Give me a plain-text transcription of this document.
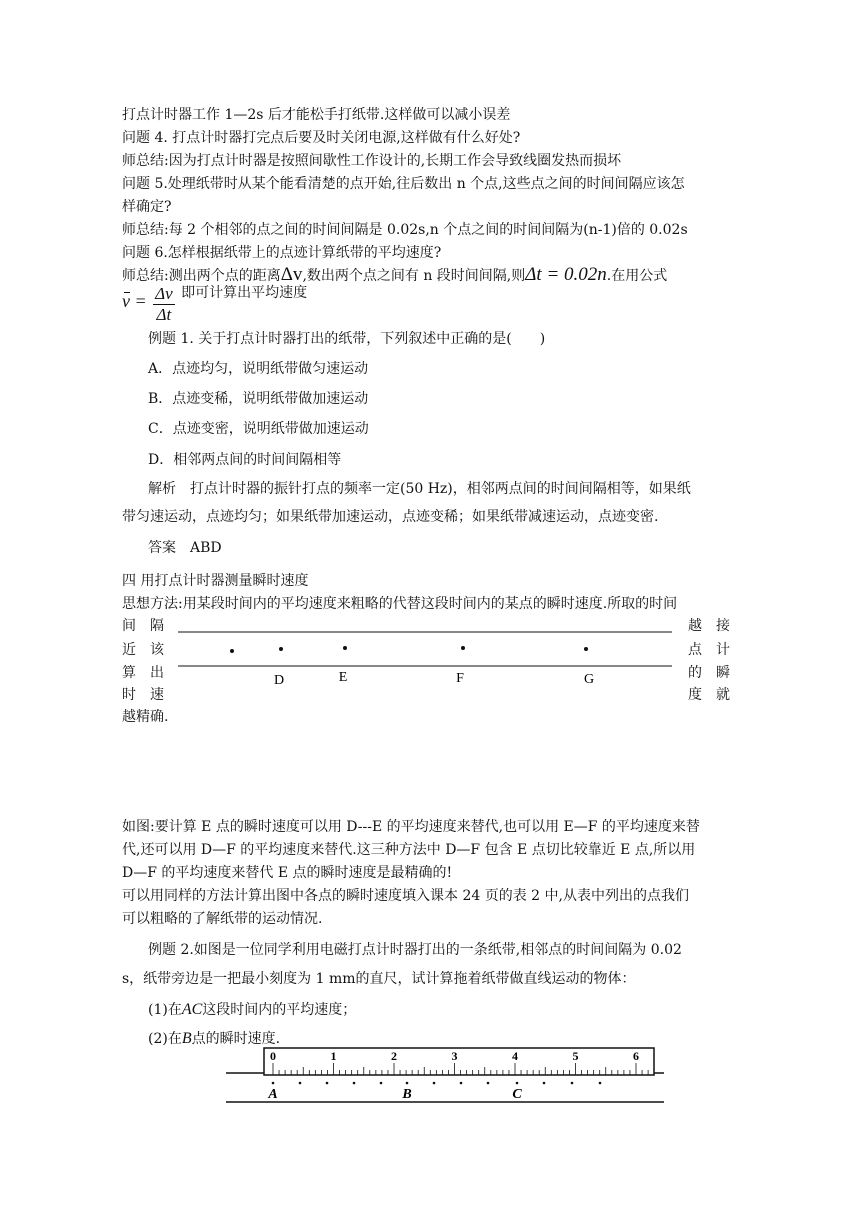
打点计时器工作 1—2s 后才能松手打纸带.这样做可以减小误差
问题 4. 打点计时器打完点后要及时关闭电源,这样做有什么好处?
师总结:因为打点计时器是按照间歇性工作设计的,长期工作会导致线圈发热而损坏
问题 5.处理纸带时从某个能看清楚的点开始,往后数出 n 个点,这些点之间的时间间隔应该怎
样确定?
师总结:每 2 个相邻的点之间的时间间隔是 0.02s,n 个点之间的时间间隔为(n-1)倍的 0.02s
问题 6.怎样根据纸带上的点迹计算纸带的平均速度?
师总结:测出两个点的距离Δv,数出两个点之间有 n 段时间间隔,则Δt = 0.02n.在用公式
$v = \frac{\Delta v}{\Delta t}$ 即可计算出平均速度
例题 1. 关于打点计时器打出的纸带，下列叙述中正确的是(　　)
A．点迹均匀，说明纸带做匀速运动
B．点迹变稀，说明纸带做加速运动
C．点迹变密，说明纸带做加速运动
D．相邻两点间的时间间隔相等
解析　打点计时器的振针打点的频率一定(50 Hz)，相邻两点间的时间间隔相等，如果纸
带匀速运动，点迹均匀；如果纸带加速运动，点迹变稀；如果纸带减速运动，点迹变密.
答案　ABD
四 用打点计时器测量瞬时速度
思想方法:用某段时间内的平均速度来粗略的代替这段时间内的某点的瞬时速度.所取的时间
间　隔
近　该
算　出
时　速
越　接
点　计
的　瞬
度　就
越精确.
D	E	F	G
如图:要计算 E 点的瞬时速度可以用 D---E 的平均速度来替代,也可以用 E—F 的平均速度来替
代,还可以用 D—F 的平均速度来替代.这三种方法中 D—F 包含 E 点切比较靠近 E 点,所以用
D—F 的平均速度来替代 E 点的瞬时速度是最精确的!
可以用同样的方法计算出图中各点的瞬时速度填入课本 24 页的表 2 中,从表中列出的点我们
可以粗略的了解纸带的运动情况.
例题 2.如图是一位同学利用电磁打点计时器打出的一条纸带,相邻点的时间间隔为 0.02
s，纸带旁边是一把最小刻度为 1 mm的直尺，试计算拖着纸带做直线运动的物体：
(1)在AC这段时间内的平均速度；
(2)在B点的瞬时速度.
0	1	2	3	4	5	6
A	B	C
